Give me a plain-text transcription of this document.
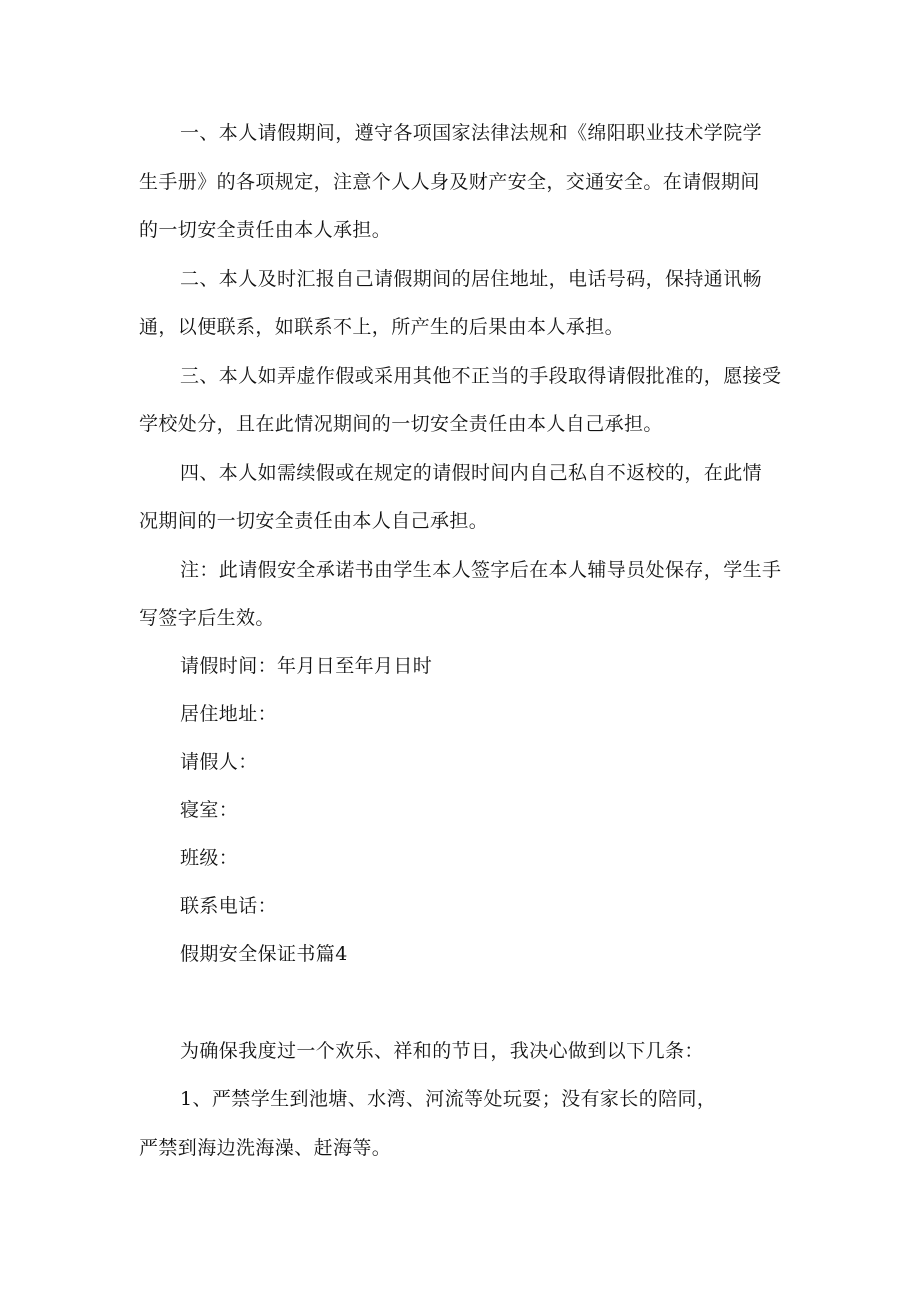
一、本人请假期间，遵守各项国家法律法规和《绵阳职业技术学院学
生手册》的各项规定，注意个人人身及财产安全，交通安全。在请假期间
的一切安全责任由本人承担。
二、本人及时汇报自己请假期间的居住地址，电话号码，保持通讯畅
通，以便联系，如联系不上，所产生的后果由本人承担。
三、本人如弄虚作假或采用其他不正当的手段取得请假批准的，愿接受
学校处分，且在此情况期间的一切安全责任由本人自己承担。
四、本人如需续假或在规定的请假时间内自己私自不返校的，在此情
况期间的一切安全责任由本人自己承担。
注：此请假安全承诺书由学生本人签字后在本人辅导员处保存，学生手
写签字后生效。
请假时间：年月日至年月日时
居住地址：
请假人：
寝室：
班级：
联系电话：
假期安全保证书篇4
为确保我度过一个欢乐、祥和的节日，我决心做到以下几条：
1、严禁学生到池塘、水湾、河流等处玩耍；没有家长的陪同，
严禁到海边洗海澡、赶海等。
